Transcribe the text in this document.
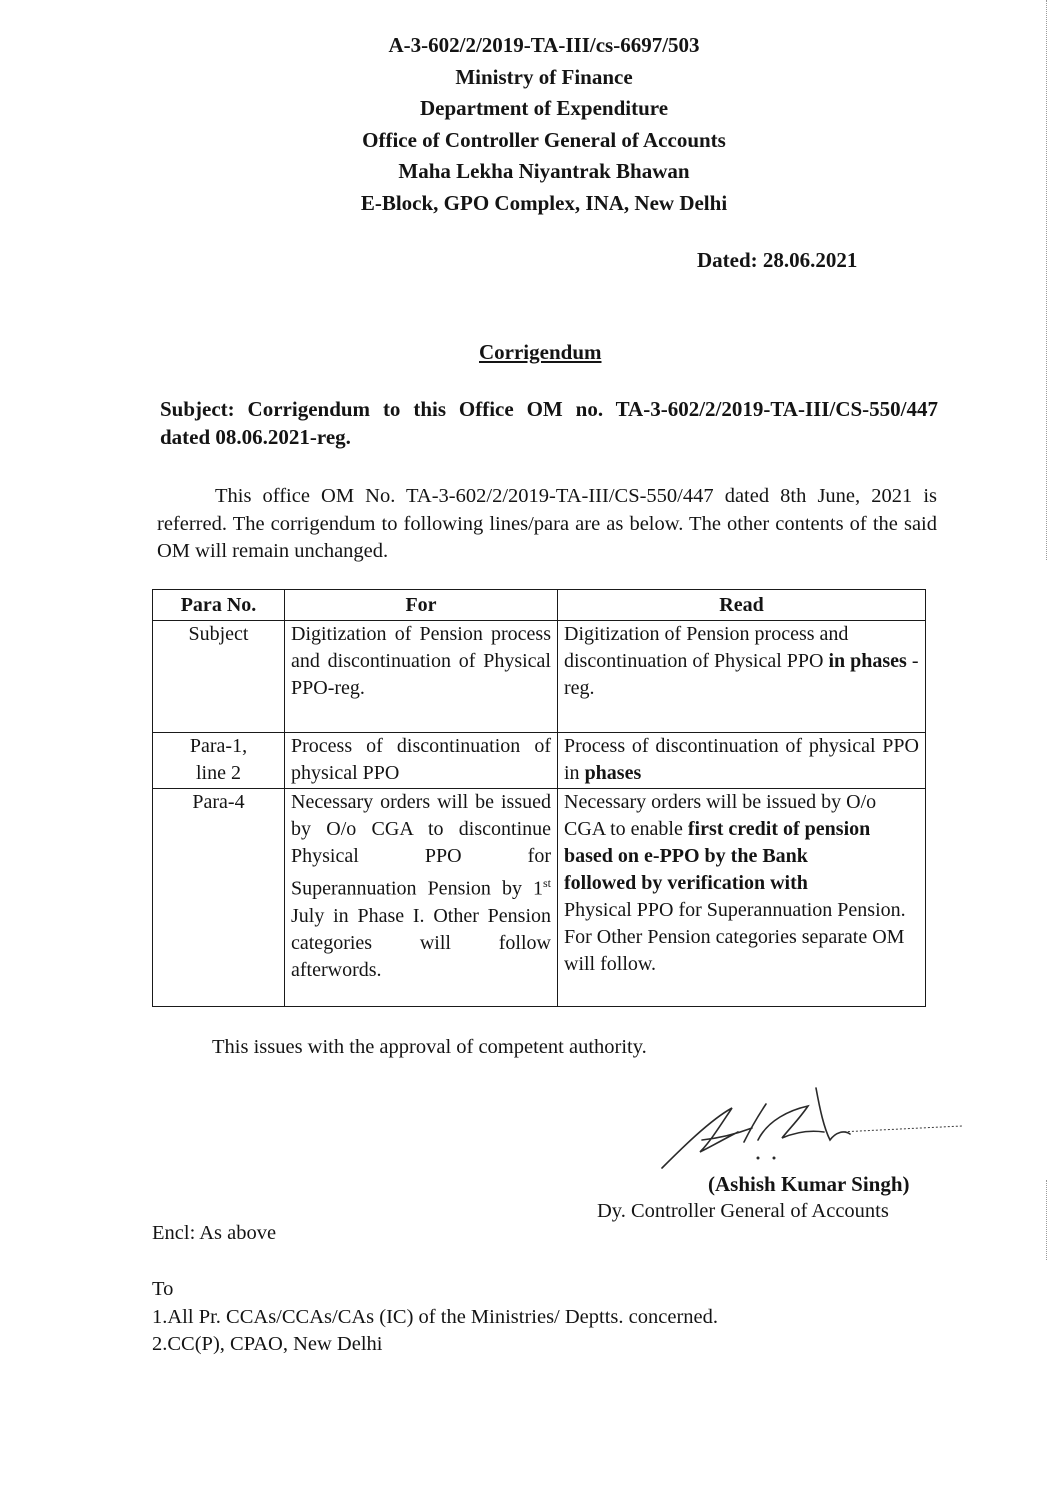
A-3-602/2/2019-TA-III/cs-6697/503
Ministry of Finance
Department of Expenditure
Office of Controller General of Accounts
Maha Lekha Niyantrak Bhawan
E-Block, GPO Complex, INA, New Delhi
Dated: 28.06.2021
Corrigendum
Subject: Corrigendum to this Office OM no. TA-3-602/2/2019-TA-III/CS-550/447 dated 08.06.2021-reg.
This office OM No. TA-3-602/2/2019-TA-III/CS-550/447 dated 8th June, 2021 is referred. The corrigendum to following lines/para are as below. The other contents of the said OM will remain unchanged.
Para No.	For	Read
Subject	Digitization of Pension process and discontinuation of Physical PPO-reg.	Digitization of Pension process and discontinuation of Physical PPO in phases -reg.

Para-1,
line 2	Process of discontinuation of physical PPO	Process of discontinuation of physical PPO in phases
Para-4	Necessary orders will be issued by O/o CGA to discontinue Physical PPO for Superannuation Pension by 1st July in Phase I. Other Pension categories will follow afterwords.	Necessary orders will be issued by O/o CGA to enable first credit of pension based on e-PPO by the Bank
followed by verification with
Physical PPO for Superannuation Pension. For Other Pension categories separate OM will follow.
This issues with the approval of competent authority.
(Ashish Kumar Singh)
Dy. Controller General of Accounts
Encl: As above
To
1.All Pr. CCAs/CCAs/CAs (IC) of the Ministries/ Deptts. concerned.
2.CC(P), CPAO, New Delhi
